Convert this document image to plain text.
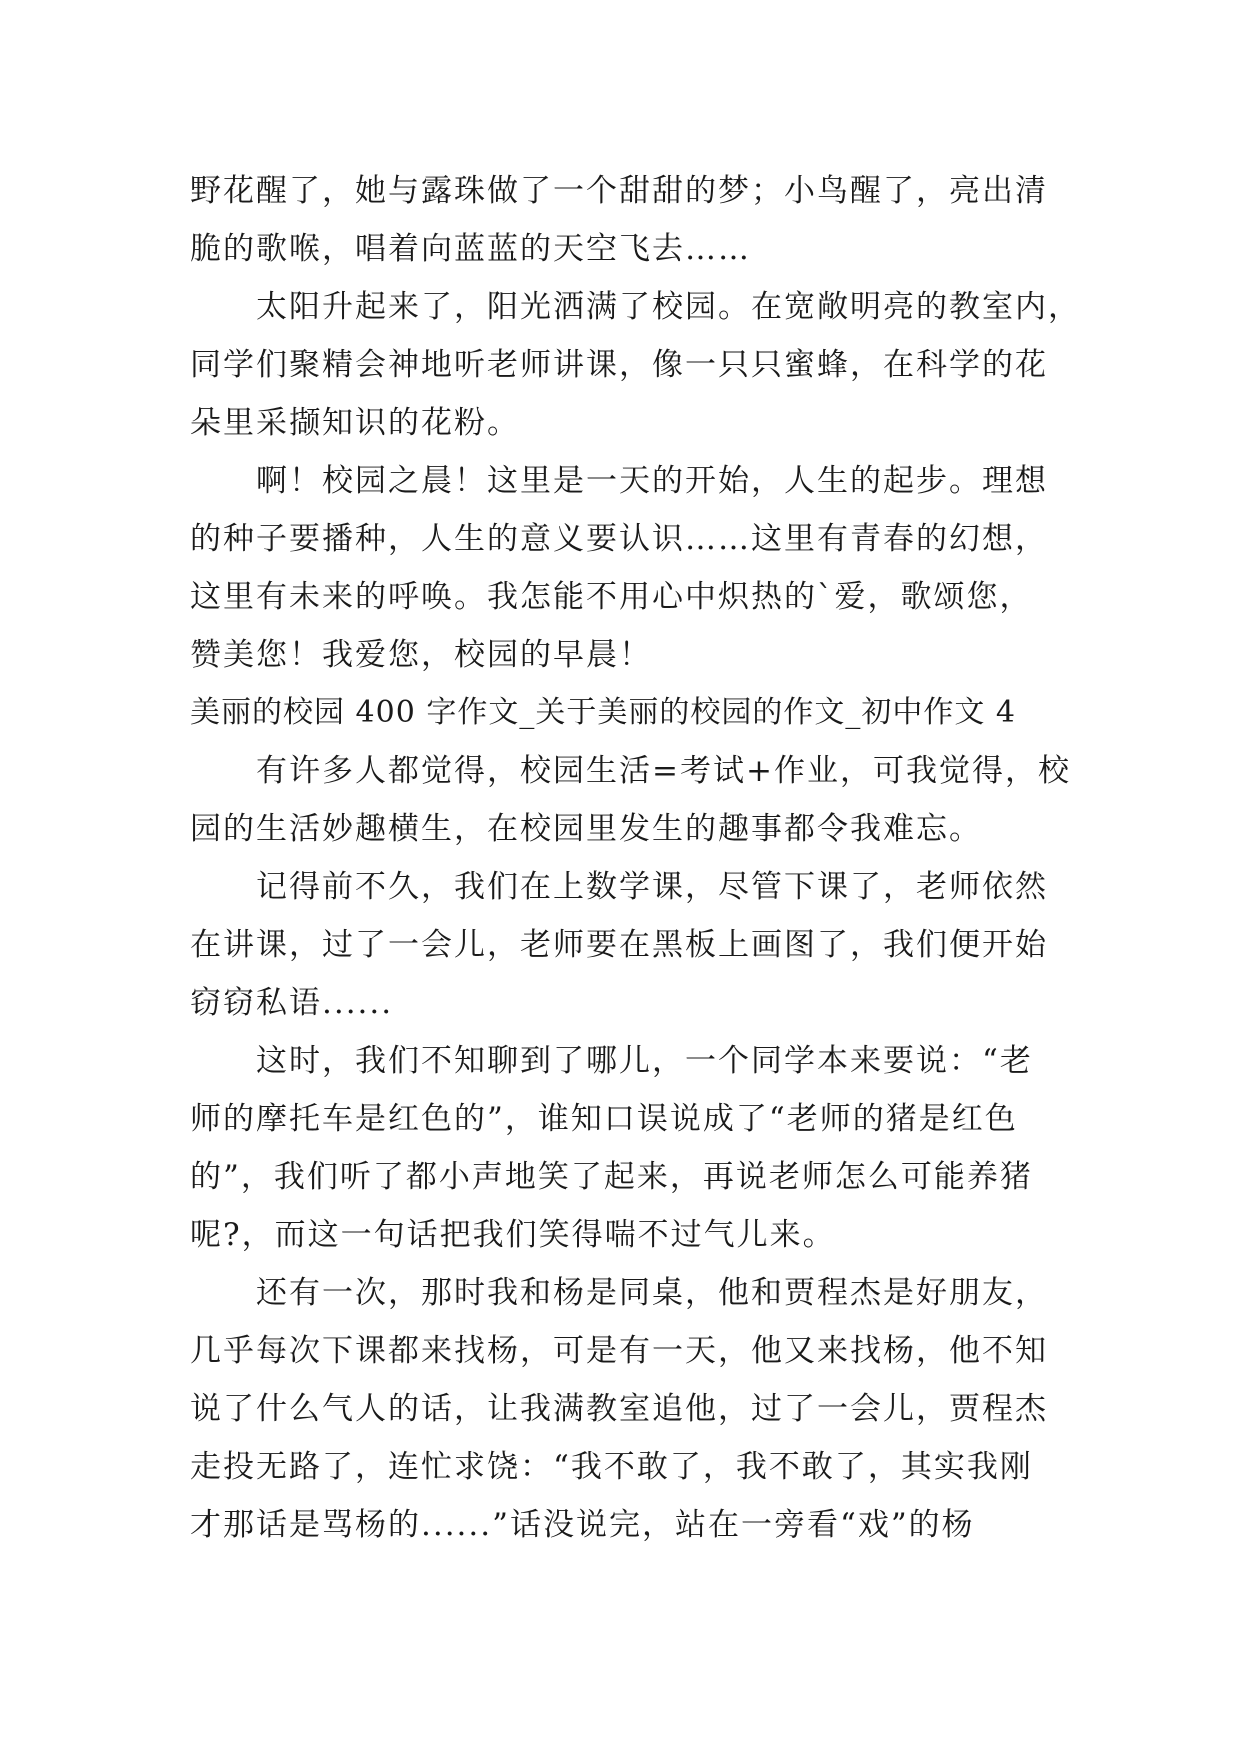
野花醒了，她与露珠做了一个甜甜的梦；小鸟醒了，亮出清
脆的歌喉，唱着向蓝蓝的天空飞去……
太阳升起来了，阳光洒满了校园。在宽敞明亮的教室内，
同学们聚精会神地听老师讲课，像一只只蜜蜂，在科学的花
朵里采撷知识的花粉。
啊！校园之晨！这里是一天的开始，人生的起步。理想
的种子要播种，人生的意义要认识……这里有青春的幻想，
这里有未来的呼唤。我怎能不用心中炽热的`爱，歌颂您，
赞美您！我爱您，校园的早晨！
美丽的校园 400 字作文_关于美丽的校园的作文_初中作文 4
有许多人都觉得，校园生活=考试+作业，可我觉得，校
园的生活妙趣横生，在校园里发生的趣事都令我难忘。
记得前不久，我们在上数学课，尽管下课了，老师依然
在讲课，过了一会儿，老师要在黑板上画图了，我们便开始
窃窃私语......
这时，我们不知聊到了哪儿，一个同学本来要说：“老
师的摩托车是红色的”，谁知口误说成了“老师的猪是红色
的”，我们听了都小声地笑了起来，再说老师怎么可能养猪
呢?，而这一句话把我们笑得喘不过气儿来。
还有一次，那时我和杨是同桌，他和贾程杰是好朋友，
几乎每次下课都来找杨，可是有一天，他又来找杨，他不知
说了什么气人的话，让我满教室追他，过了一会儿，贾程杰
走投无路了，连忙求饶：“我不敢了，我不敢了，其实我刚
才那话是骂杨的......”话没说完，站在一旁看“戏”的杨
